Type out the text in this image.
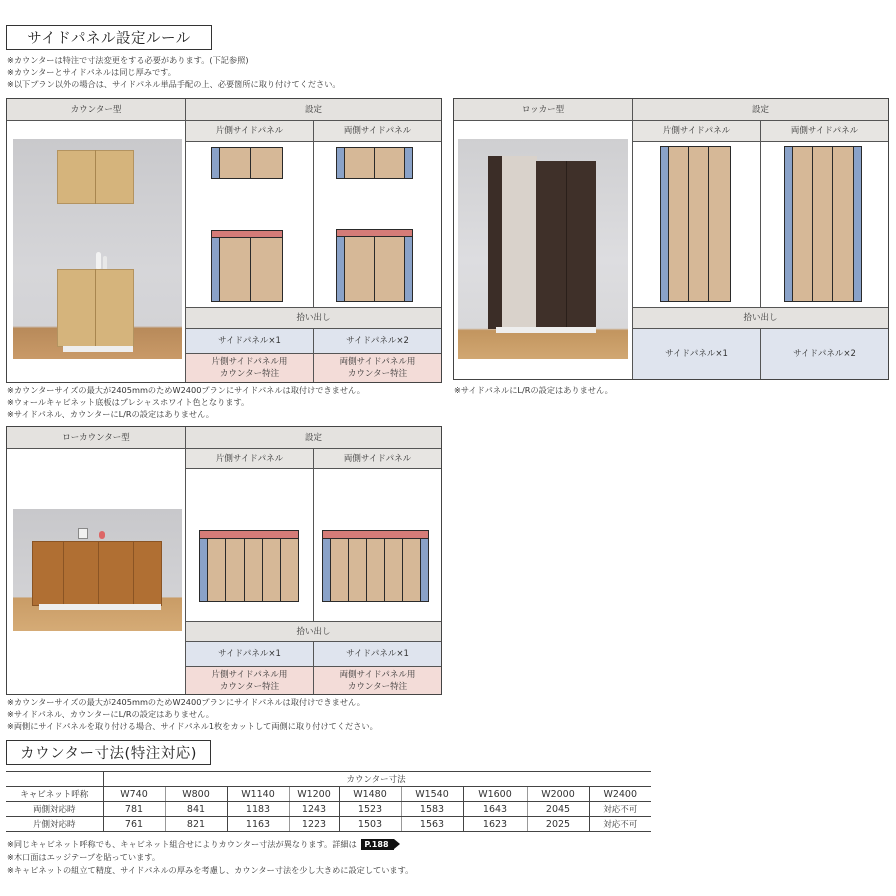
サイドパネル設定ルール
※カウンターは特注で寸法変更をする必要があります。(下記参照)
※カウンターとサイドパネルは同じ厚みです。
※以下プラン以外の場合は、サイドパネル単品手配の上、必要箇所に取り付けてください。
カウンター型	設定
片側サイドパネル	両側サイドパネル
拾い出し
サイドパネル×1	サイドパネル×2
片側サイドパネル用
カウンター特注
両側サイドパネル用
カウンター特注
※カウンターサイズの最大が2405mmのためW2400プランにサイドパネルは取付けできません。
※ウォールキャビネット底板はプレシャスホワイト色となります。
※サイドパネル、カウンターにL/Rの設定はありません。
ロッカー型	設定
片側サイドパネル	両側サイドパネル
拾い出し
サイドパネル×1	サイドパネル×2
※サイドパネルにL/Rの設定はありません。
ローカウンター型	設定
片側サイドパネル	両側サイドパネル
拾い出し
サイドパネル×1	サイドパネル×1
片側サイドパネル用
カウンター特注
両側サイドパネル用
カウンター特注
※カウンターサイズの最大が2405mmのためW2400プランにサイドパネルは取付けできません。
※サイドパネル、カウンターにL/Rの設定はありません。
※両側にサイドパネルを取り付ける場合、サイドパネル1枚をカットして両側に取り付けてください。
カウンター寸法(特注対応)
	カウンター寸法								
キャビネット呼称	W740	W800	W1140	W1200	W1480	W1540	W1600	W2000	W2400
両側対応時	781	841	1183	1243	1523	1583	1643	2045	対応不可
片側対応時	761	821	1163	1223	1503	1563	1623	2025	対応不可
※同じキャビネット呼称でも、キャビネット組合せによりカウンター寸法が異なります。詳細は P.188
※木口面はエッジテープを貼っています。
※キャビネットの組立て精度、サイドパネルの厚みを考慮し、カウンター寸法を少し大きめに設定しています。
